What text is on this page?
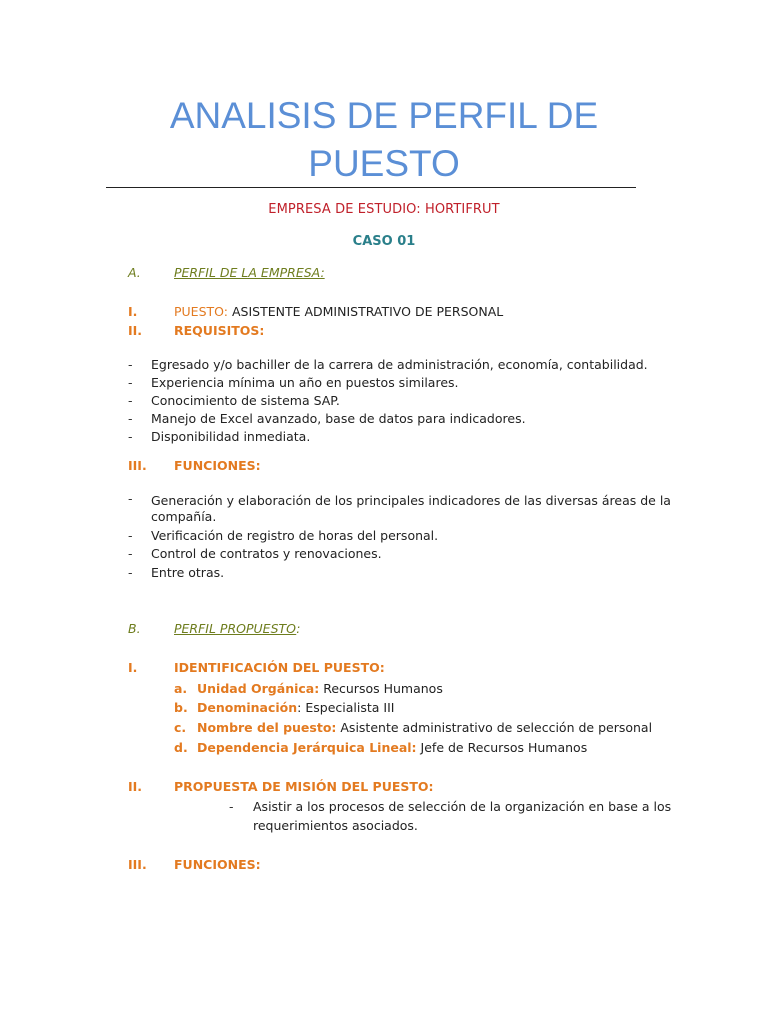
ANALISIS DE PERFIL DE
PUESTO
EMPRESA DE ESTUDIO: HORTIFRUT
CASO 01
A.	PERFIL DE LA EMPRESA:
I.	PUESTO: ASISTENTE ADMINISTRATIVO DE PERSONAL
II.	REQUISITOS:
- Egresado y/o bachiller de la carrera de administración, economía, contabilidad.
- Experiencia mínima un año en puestos similares.
- Conocimiento de sistema SAP.
- Manejo de Excel avanzado, base de datos para indicadores.
- Disponibilidad inmediata.
III. FUNCIONES:
- Generación y elaboración de los principales indicadores de las diversas áreas de la
compañía.
- Verificación de registro de horas del personal.
- Control de contratos y renovaciones.
- Entre otras.
B.	PERFIL PROPUESTO:
I.	IDENTIFICACIÓN DEL PUESTO:
a. Unidad Orgánica: Recursos Humanos
b. Denominación: Especialista III
c. Nombre del puesto: Asistente administrativo de selección de personal
d. Dependencia Jerárquica Lineal: Jefe de Recursos Humanos
II.	PROPUESTA DE MISIÓN DEL PUESTO:
- Asistir a los procesos de selección de la organización en base a los
requerimientos asociados.
III. FUNCIONES:
